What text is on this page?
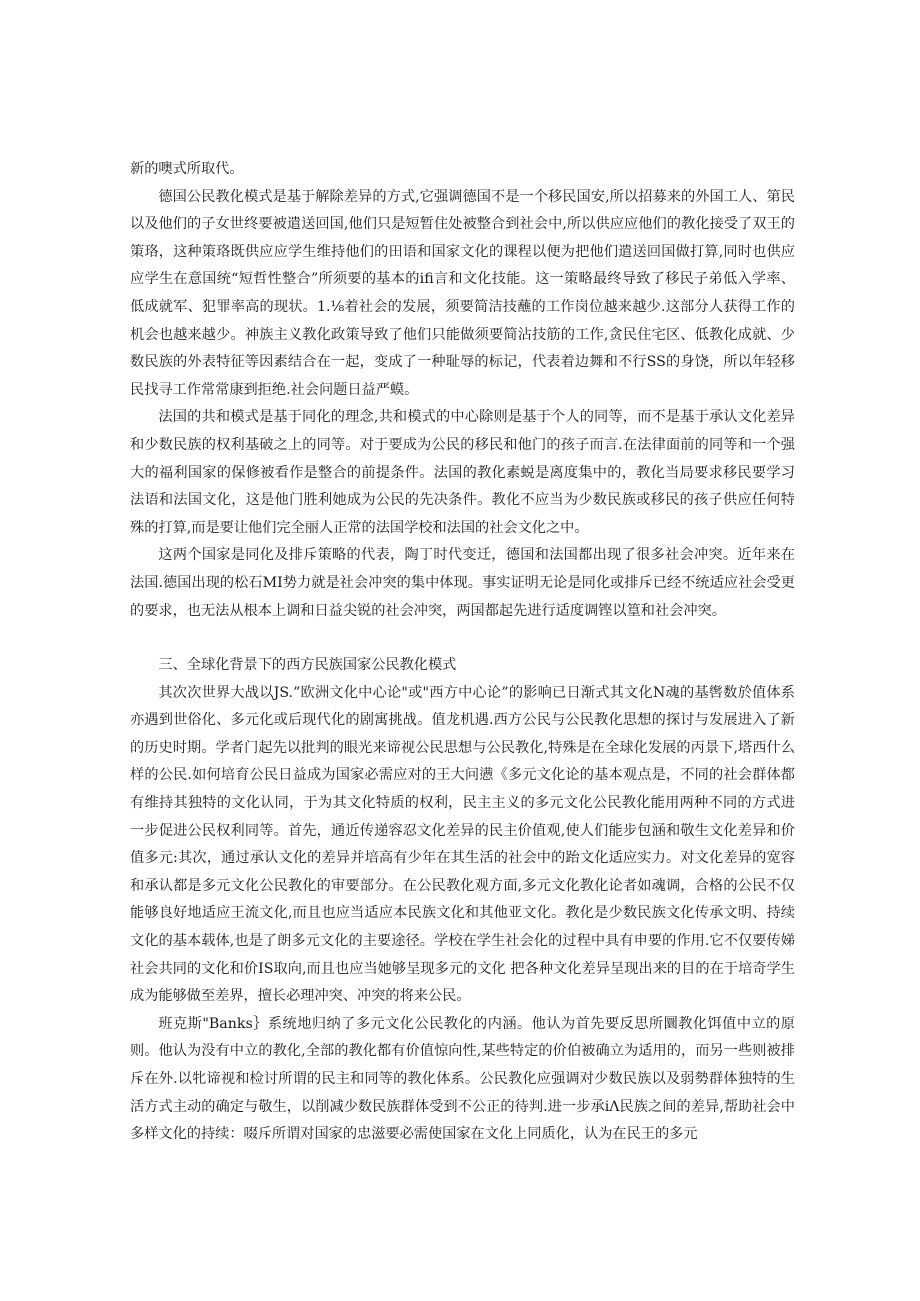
新的噢式所取代。

德国公民教化模式是基于解除差异的方式,它强调德国不是一个移民国安,所以招募来的外国工人、第民以及他们的子女世终要被遣送回国,他们只是短暂住处被整合到社会中,所以供应应他们的教化接受了双王的策珞，这种策珞既供应应学生维持他们的田语和国家文化的课程以便为把他们遣送回国做打算,同时也供应应学生在意国统“短哲性整合”所须要的基本的ifi言和文化技能。这一策略最终导致了移民子弟低入学率、低成就军、犯罪率高的现状。1.⅛着社会的发展，须要简洁技蘸的工作岗位越来越少.这部分人获得工作的机会也越来越少。神族主义教化政策导致了他们只能做须要简沾技筋的工作,贪民住宅区、低教化成就、少数民族的外表特征等因素结合在一起，变成了一种耻辱的标记，代表着边舞和不行SS的身饶，所以年轻移民找寻工作常常康到拒绝.社会问题日益严蟆。

法国的共和模式是基于同化的理念,共和模式的中心除则是基于个人的同等，而不是基于承认文化差异和少数民族的权利基破之上的同等。对于要成为公民的移民和他门的孩子而言.在法律面前的同等和一个强大的福利国家的保修被看作是整合的前提条件。法国的教化素蜕是离度集中的，教化当局要求移民要学习法语和法国文化，这是他门胜利她成为公民的先决条件。教化不应当为少数民族或移民的孩子供应任何特殊的打算,而是要让他们完全丽人正常的法国学校和法国的社会文化之中。

这两个国家是同化及排斥策略的代表，陶丁时代变迁，德国和法国都出现了很多社会冲突。近年来在法国.德国出现的松石MI势力就是社会冲突的集中体现。事实证明无论是同化或排斥已经不统适应社会受更的要求，也无法从根本上调和日益尖锐的社会冲突，两国都起先进行适度调铿以篁和社会冲突。

三、全球化背景下的西方民族国家公民教化模式

其次次世界大战以JS.”欧洲文化中心论"或"西方中心论”的影响已日渐式其文化N魂的基辔数於值体系亦遇到世俗化、多元化或后现代化的剧寓挑战。值龙机遇.西方公民与公民教化思想的探讨与发展进入了新的历史时期。学者门起先以批判的眼光来谛视公民思想与公民教化,特殊是在全球化发展的丙景下,塔西什么样的公民.如何培育公民日益成为国家必需应对的王大问懑《多元文化论的基本观点是，不同的社会群体都有维持其独特的文化认同，于为其文化特质的权利，民主主义的多元文化公民教化能用两种不同的方式进一步促进公民权利同等。首先，通近传递容忍文化差异的民主价值观,使人们能步包涵和敬生文化差异和价值多元:其次，通过承认文化的差异并培高有少年在其生活的社会中的跆文化适应实力。对文化差异的宽容和承认都是多元文化公民教化的审要部分。在公民教化观方面,多元文化教化论者如魂调，合格的公民不仅能够良好地适应王流文化,而且也应当适应本民族文化和其他亚文化。教化是少数民族文化传承文明、持续文化的基本载体,也是了朗多元文化的主要途径。学校在学生社会化的过程中具有申要的作用.它不仅要传娣社会共同的文化和价IS取向,而且也应当她够呈现多元的文化 把各种文化差异呈现出来的目的在于培奇学生成为能够做至差界，擅长必理冲突、冲突的将来公民。

班克斯"Banks｝系统地归纳了多元文化公民教化的内涵。他认为首先要反思所圜教化饵值中立的原则。他认为没有中立的教化,全部的教化都有价值惊向性,某些特定的价伯被确立为适用的，而另一些则被排斥在外.以牝谛视和检讨所谓的民主和同等的教化体系。公民教化应强调对少数民族以及弱勢群体独特的生活方式主动的确定与敬生，以削减少数民族群体受到不公正的待判.进一步承iΛ民族之间的差异,帮助社会中多样文化的持续：啜斥所谓对国家的忠滋要必需使国家在文化上同质化，认为在民王的多元
